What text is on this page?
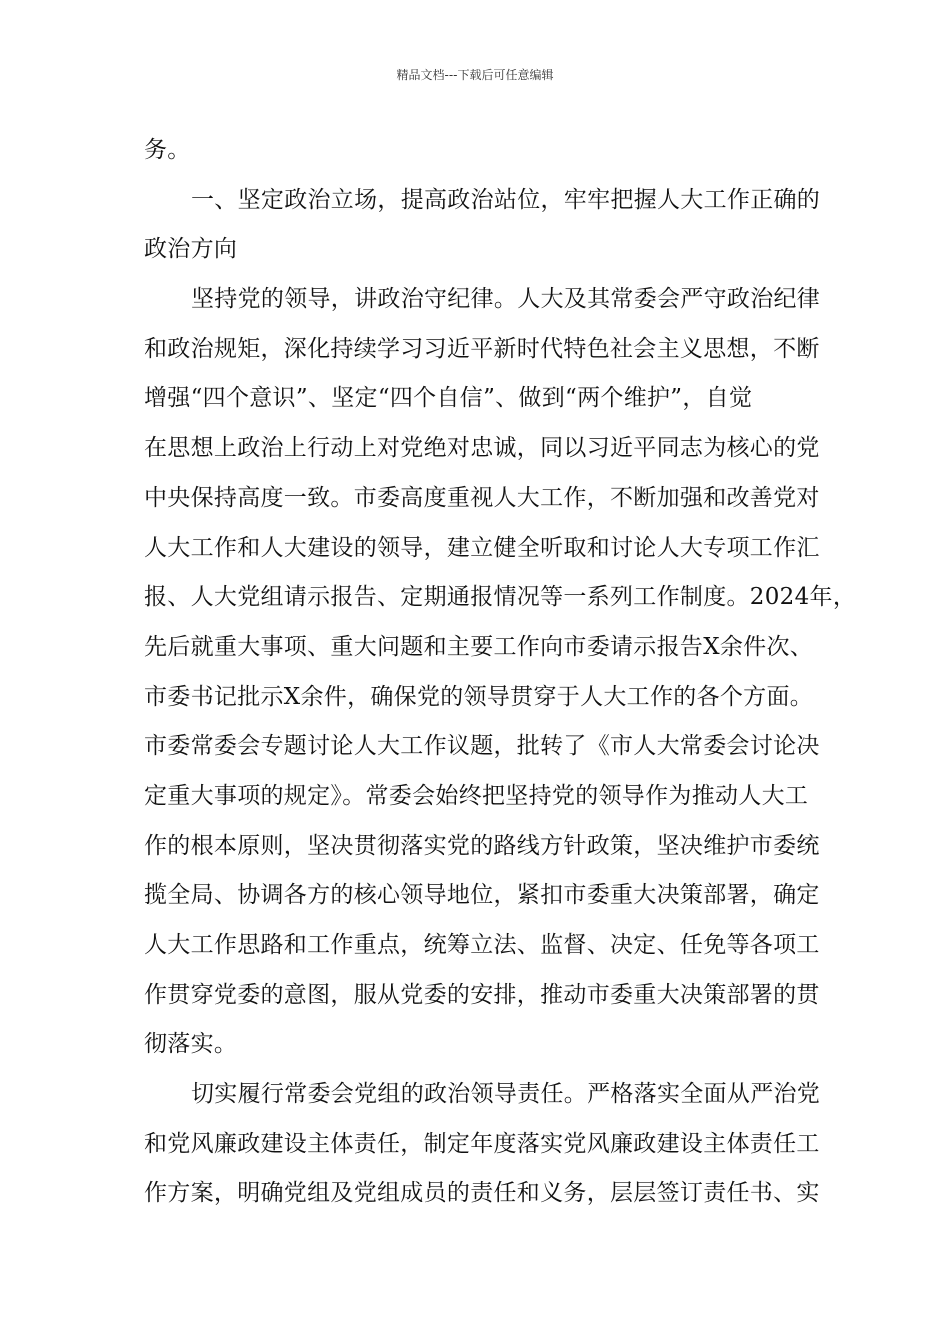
精品文档---下载后可任意编辑
务。
一、坚定政治立场，提高政治站位，牢牢把握人大工作正确的
政治方向
坚持党的领导，讲政治守纪律。人大及其常委会严守政治纪律
和政治规矩，深化持续学习习近平新时代特色社会主义思想，不断
增强“四个意识”、坚定“四个自信”、做到“两个维护”，自觉
在思想上政治上行动上对党绝对忠诚，同以习近平同志为核心的党
中央保持高度一致。市委高度重视人大工作，不断加强和改善党对
人大工作和人大建设的领导，建立健全听取和讨论人大专项工作汇
报、人大党组请示报告、定期通报情况等一系列工作制度。2024年，
先后就重大事项、重大问题和主要工作向市委请示报告X余件次、
市委书记批示X余件，确保党的领导贯穿于人大工作的各个方面。
市委常委会专题讨论人大工作议题，批转了《市人大常委会讨论决
定重大事项的规定》。常委会始终把坚持党的领导作为推动人大工
作的根本原则，坚决贯彻落实党的路线方针政策，坚决维护市委统
揽全局、协调各方的核心领导地位，紧扣市委重大决策部署，确定
人大工作思路和工作重点，统筹立法、监督、决定、任免等各项工
作贯穿党委的意图，服从党委的安排，推动市委重大决策部署的贯
彻落实。
切实履行常委会党组的政治领导责任。严格落实全面从严治党
和党风廉政建设主体责任，制定年度落实党风廉政建设主体责任工
作方案，明确党组及党组成员的责任和义务，层层签订责任书、实
